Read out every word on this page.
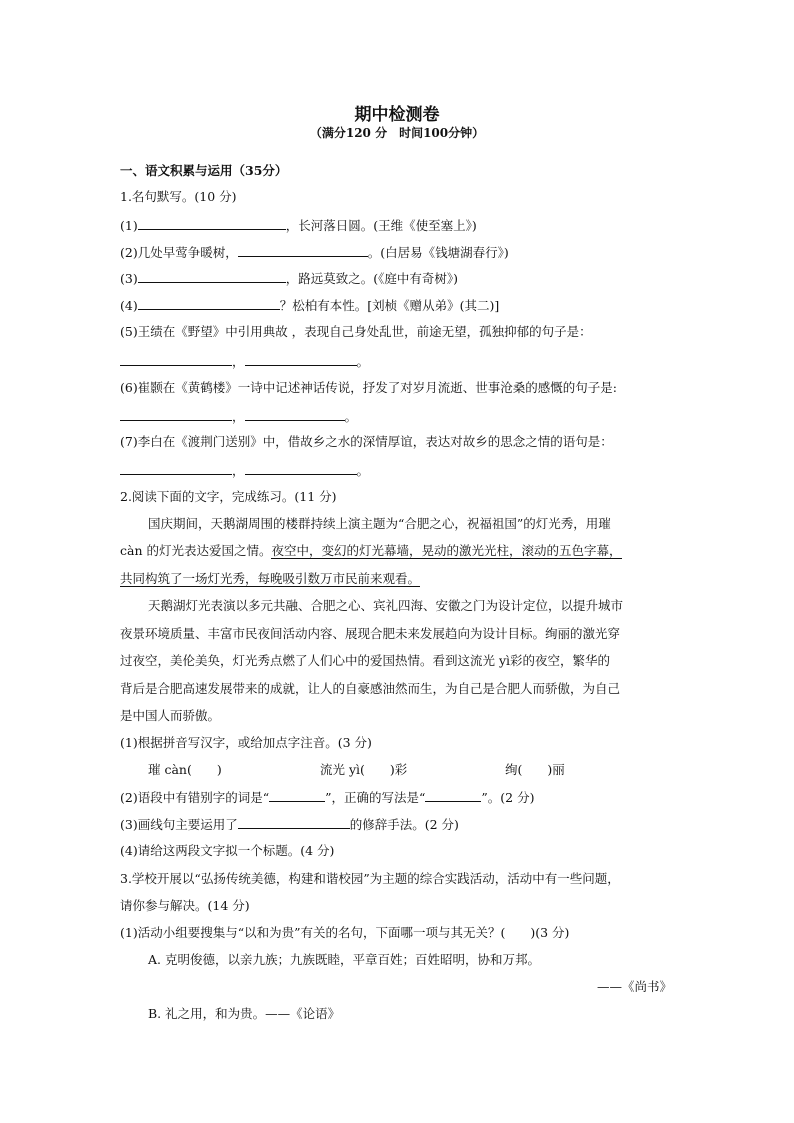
期中检测卷
（满分120 分　时间100分钟）
一、语文积累与运用（35分）
1.名句默写。(10 分)
(1)	，长河落日圆。(王维《使至塞上》)
(2)几处早莺争暖树，	。(白居易《钱塘湖春行》)
(3)	，路远莫致之。(《庭中有奇树》)
(4)	？松柏有本性。[刘桢《赠从弟》(其二)]
(5)王绩在《野望》中引用典故 ，表现自己身处乱世，前途无望，孤独抑郁的句子是：
，	。
(6)崔颢在《黄鹤楼》一诗中记述神话传说，抒发了对岁月流逝、世事沧桑的感慨的句子是:
，	。
(7)李白在《渡荆门送别》中，借故乡之水的深情厚谊，表达对故乡的思念之情的语句是：
，	。
2.阅读下面的文字，完成练习。(11 分)
国庆期间，天鹅湖周围的楼群持续上演主题为“合肥之心，祝福祖国”的灯光秀，用璀
càn 的灯光表达爱国之情。夜空中，变幻的灯光幕墙，晃动的激光光柱，滚动的五色字幕，
共同构筑了一场灯光秀，每晚吸引数万市民前来观看。
天鹅湖灯光表演以多元共融、合肥之心、宾礼四海、安徽之门为设计定位，以提升城市
夜景环境质量、丰富市民夜间活动内容、展现合肥未来发展趋向为设计目标。绚丽的激光穿
过夜空，美伦美奂，灯光秀点燃了人们心中的爱国热情。看到这流光 yì彩的夜空，繁华的
背后是合肥高速发展带来的成就，让人的自豪感油然而生，为自己是合肥人而骄傲，为自己
是中国人而骄傲。
(1)根据拼音写汉字，或给加点字注音。(3 分)
璀 càn(　　)	流光 yì(　　)彩	绚(　　)丽
(2)语段中有错别字的词是“	”，正确的写法是“	”。(2 分)
(3)画线句主要运用了	的修辞手法。(2 分)
(4)请给这两段文字拟一个标题。(4 分)
3.学校开展以“弘扬传统美德，构建和谐校园”为主题的综合实践活动，活动中有一些问题，
请你参与解决。(14 分)
(1)活动小组要搜集与“以和为贵”有关的名句，下面哪一项与其无关？(　　)(3 分)
A. 克明俊德，以亲九族；九族既睦，平章百姓；百姓昭明，协和万邦。
——《尚书》
B. 礼之用，和为贵。——《论语》
